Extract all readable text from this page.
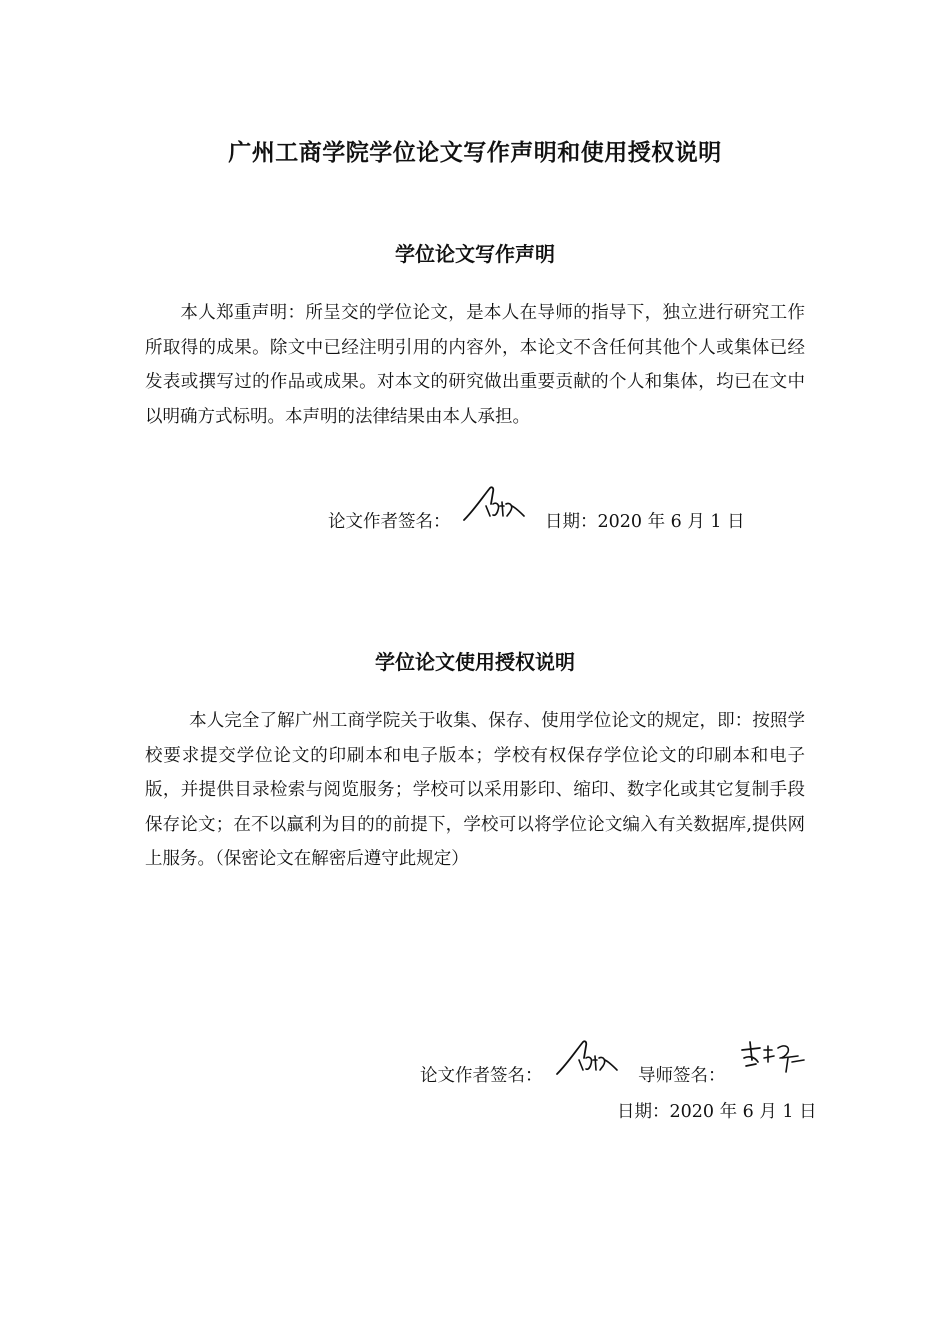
广州工商学院学位论文写作声明和使用授权说明
学位论文写作声明
本人郑重声明：所呈交的学位论文，是本人在导师的指导下，独立进行研究工作所取得的成果。除文中已经注明引用的内容外，本论文不含任何其他个人或集体已经发表或撰写过的作品或成果。对本文的研究做出重要贡献的个人和集体，均已在文中以明确方式标明。本声明的法律结果由本人承担。
论文作者签名：	日期：2020 年 6 月 1 日
学位论文使用授权说明
本人完全了解广州工商学院关于收集、保存、使用学位论文的规定，即：按照学校要求提交学位论文的印刷本和电子版本；学校有权保存学位论文的印刷本和电子版，并提供目录检索与阅览服务；学校可以采用影印、缩印、数字化或其它复制手段保存论文；在不以赢利为目的的前提下，学校可以将学位论文编入有关数据库,提供网上服务。（保密论文在解密后遵守此规定）
论文作者签名：	导师签名：
日期：2020 年 6 月 1 日
